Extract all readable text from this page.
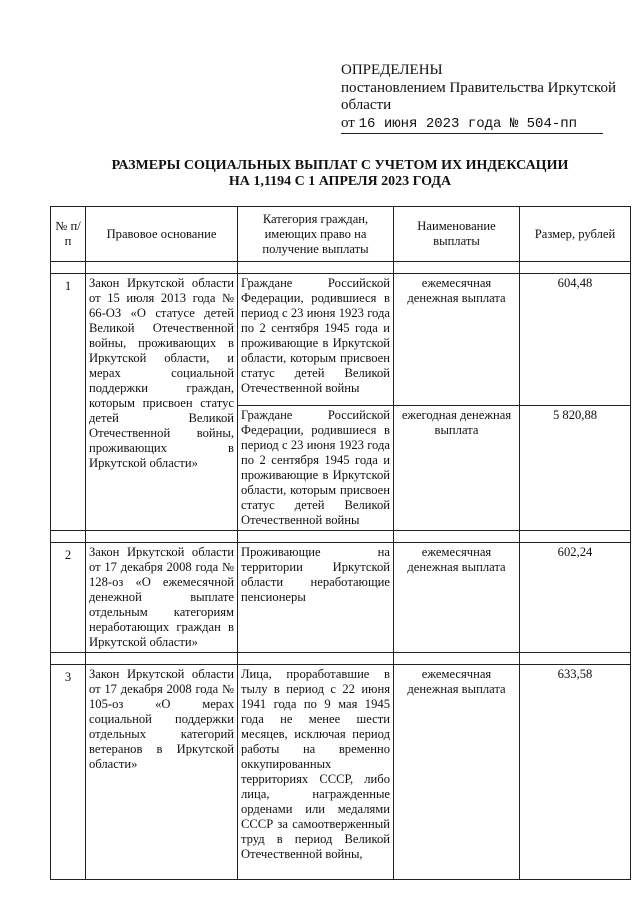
ОПРЕДЕЛЕНЫ
постановлением Правительства Иркутской
области
от 16 июня 2023 года № 504-пп
РАЗМЕРЫ СОЦИАЛЬНЫХ ВЫПЛАТ С УЧЕТОМ ИХ ИНДЕКСАЦИИ
НА 1,1194 С 1 АПРЕЛЯ 2023 ГОДА
№ п/п	Правовое основание	Категория граждан, имеющих право на получение выплаты	Наименование выплаты	Размер, рублей

1	Закон Иркутской области от 15 июля 2013 года № 66-ОЗ «О статусе детей Великой Отечественной войны, проживающих в Иркутской области, и мерах социальной поддержки граждан, которым присвоен статус детей Великой Отечественной войны, проживающих в Иркутской области»	Граждане Российской Федерации, родившиеся в период с 23 июня 1923 года по 2 сентября 1945 года и проживающие в Иркутской области, которым присвоен статус детей Великой Отечественной войны	ежемесячная денежная выплата	604,48
		Граждане Российской Федерации, родившиеся в период с 23 июня 1923 года по 2 сентября 1945 года и проживающие в Иркутской области, которым присвоен статус детей Великой Отечественной войны	ежегодная денежная выплата	5 820,88

2	Закон Иркутской области от 17 декабря 2008 года № 128-оз «О ежемесячной денежной выплате отдельным категориям неработающих граждан в Иркутской области»	Проживающие на территории Иркутской области неработающие пенсионеры	ежемесячная денежная выплата	602,24

3	Закон Иркутской области от 17 декабря 2008 года № 105-оз «О мерах социальной поддержки отдельных категорий ветеранов в Иркутской области»	Лица, проработавшие в тылу в период с 22 июня 1941 года по 9 мая 1945 года не менее шести месяцев, исключая период работы на временно оккупированных территориях СССР, либо лица, награжденные орденами или медалями СССР за самоотверженный труд в период Великой Отечественной войны,	ежемесячная денежная выплата	633,58
